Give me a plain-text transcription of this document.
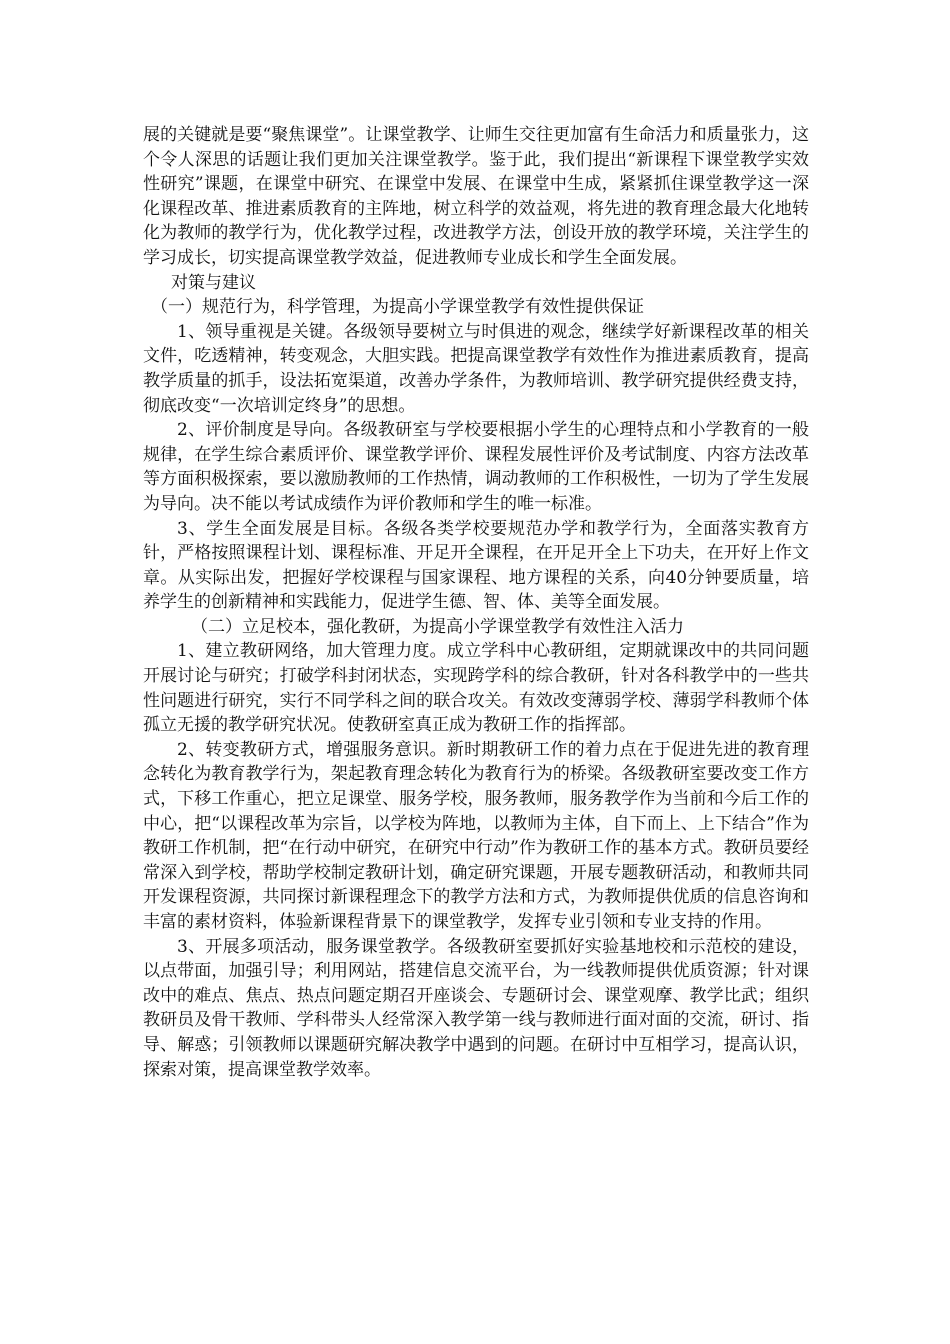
展的关键就是要“聚焦课堂”。让课堂教学、让师生交往更加富有生命活力和质量张力，这个令人深思的话题让我们更加关注课堂教学。鉴于此，我们提出“新课程下课堂教学实效性研究”课题，在课堂中研究、在课堂中发展、在课堂中生成，紧紧抓住课堂教学这一深化课程改革、推进素质教育的主阵地，树立科学的效益观，将先进的教育理念最大化地转化为教师的教学行为，优化教学过程，改进教学方法，创设开放的教学环境，关注学生的学习成长，切实提高课堂教学效益，促进教师专业成长和学生全面发展。

对策与建议

（一）规范行为，科学管理，为提高小学课堂教学有效性提供保证

1、领导重视是关键。各级领导要树立与时俱进的观念，继续学好新课程改革的相关文件，吃透精神，转变观念，大胆实践。把提高课堂教学有效性作为推进素质教育，提高教学质量的抓手，设法拓宽渠道，改善办学条件，为教师培训、教学研究提供经费支持，彻底改变“一次培训定终身”的思想。

2、评价制度是导向。各级教研室与学校要根据小学生的心理特点和小学教育的一般规律，在学生综合素质评价、课堂教学评价、课程发展性评价及考试制度、内容方法改革等方面积极探索，要以激励教师的工作热情，调动教师的工作积极性，一切为了学生发展为导向。决不能以考试成绩作为评价教师和学生的唯一标准。

3、学生全面发展是目标。各级各类学校要规范办学和教学行为，全面落实教育方针，严格按照课程计划、课程标准、开足开全课程，在开足开全上下功夫，在开好上作文章。从实际出发，把握好学校课程与国家课程、地方课程的关系，向40分钟要质量，培养学生的创新精神和实践能力，促进学生德、智、体、美等全面发展。

（二）立足校本，强化教研，为提高小学课堂教学有效性注入活力

1、建立教研网络，加大管理力度。成立学科中心教研组，定期就课改中的共同问题开展讨论与研究；打破学科封闭状态，实现跨学科的综合教研，针对各科教学中的一些共性问题进行研究，实行不同学科之间的联合攻关。有效改变薄弱学校、薄弱学科教师个体孤立无援的教学研究状况。使教研室真正成为教研工作的指挥部。

2、转变教研方式，增强服务意识。新时期教研工作的着力点在于促进先进的教育理念转化为教育教学行为，架起教育理念转化为教育行为的桥梁。各级教研室要改变工作方式，下移工作重心，把立足课堂、服务学校，服务教师，服务教学作为当前和今后工作的中心，把“以课程改革为宗旨，以学校为阵地，以教师为主体，自下而上、上下结合”作为教研工作机制，把“在行动中研究，在研究中行动”作为教研工作的基本方式。教研员要经常深入到学校，帮助学校制定教研计划，确定研究课题，开展专题教研活动，和教师共同开发课程资源，共同探讨新课程理念下的教学方法和方式，为教师提供优质的信息咨询和丰富的素材资料，体验新课程背景下的课堂教学，发挥专业引领和专业支持的作用。

3、开展多项活动，服务课堂教学。各级教研室要抓好实验基地校和示范校的建设，以点带面，加强引导；利用网站，搭建信息交流平台，为一线教师提供优质资源；针对课改中的难点、焦点、热点问题定期召开座谈会、专题研讨会、课堂观摩、教学比武；组织教研员及骨干教师、学科带头人经常深入教学第一线与教师进行面对面的交流，研讨、指导、解惑；引领教师以课题研究解决教学中遇到的问题。在研讨中互相学习，提高认识，探索对策，提高课堂教学效率。
